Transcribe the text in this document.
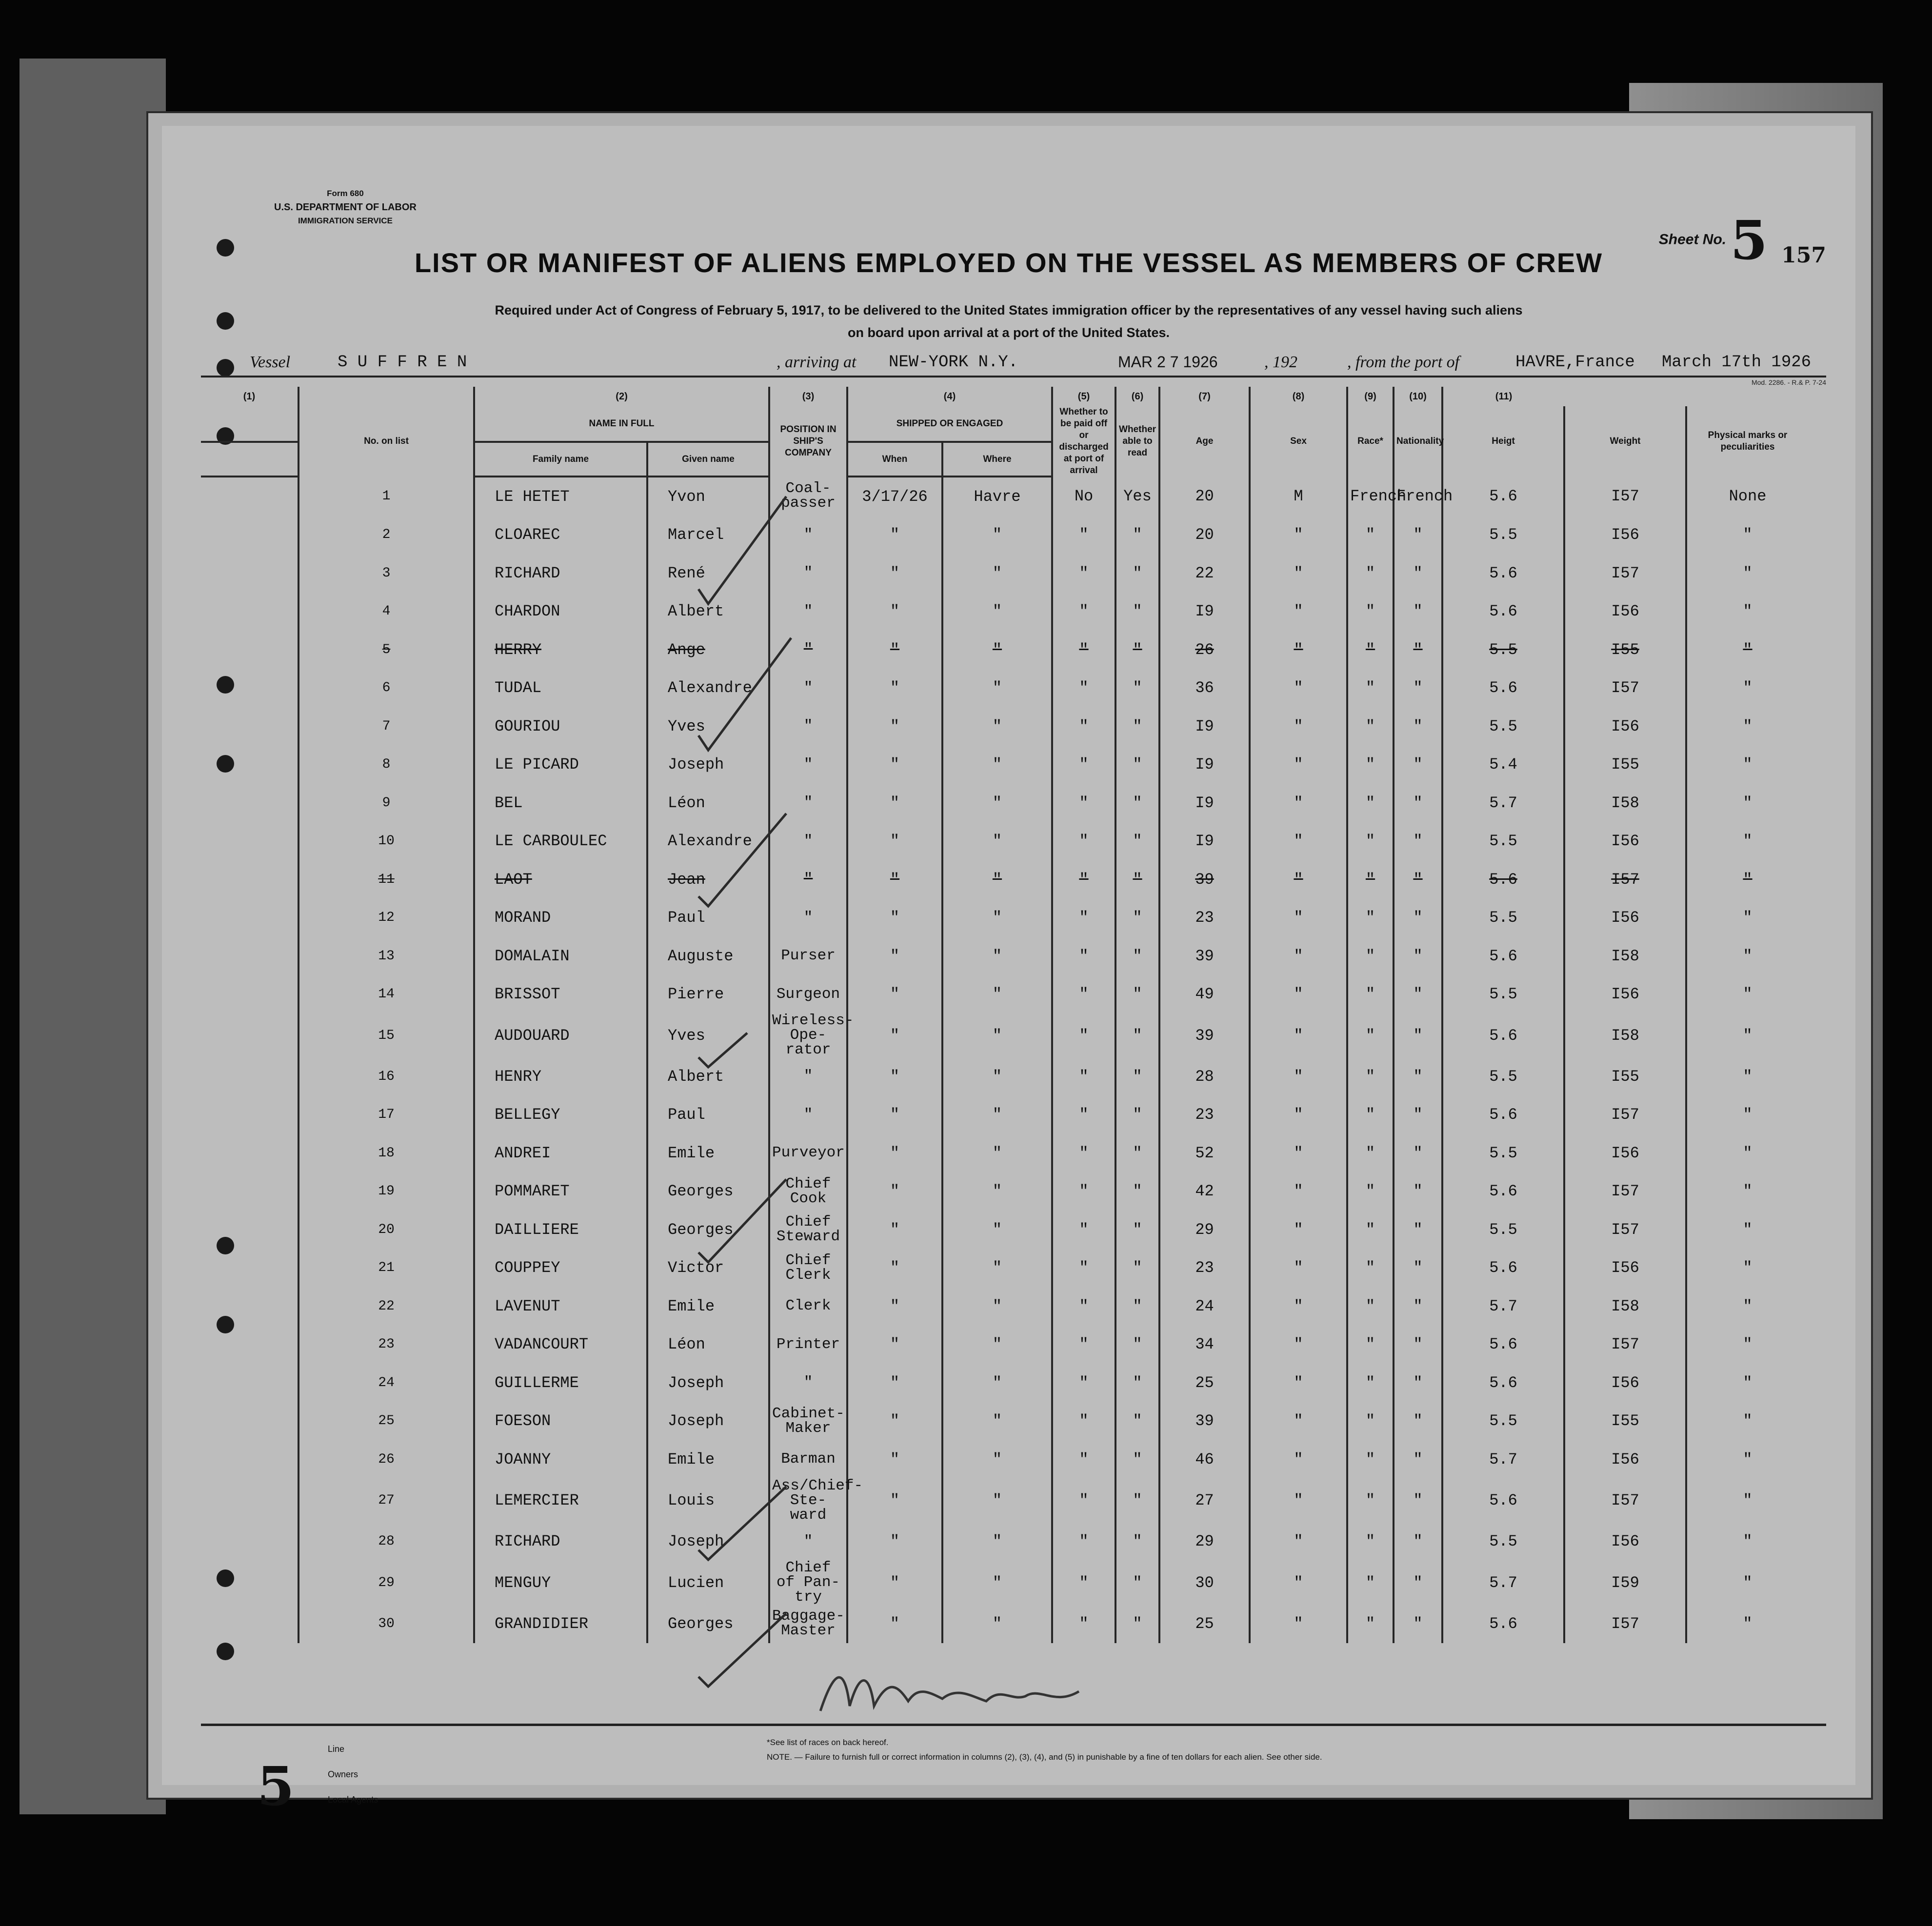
Form 680
U.S. DEPARTMENT OF LABOR
IMMIGRATION SERVICE
Sheet No. 5 157
LIST OR MANIFEST OF ALIENS EMPLOYED ON THE VESSEL AS MEMBERS OF CREW
Required under Act of Congress of February 5, 1917, to be delivered to the United States immigration officer by the representatives of any vessel having such aliens
on board upon arrival at a port of the United States.
Vessel	S U F F R E N	, arriving at NEW-YORK N.Y.	MAR 2 7 1926	, 192	, from the port of	HAVRE,France March 17th 1926
Mod. 2286. - R.& P. 7-24
(1)		(2)		(3)	(4)		(5)	(6)	(7)	(8)	(9)	(10)	(11)		
	No. on list	NAME IN FULL		POSITION IN SHIP'S COMPANY	SHIPPED OR ENGAGED		Whether to be paid off or discharged at port of arrival	Whether able to read	Age	Sex	Race*	Nationality	Heigt	Weight	Physical marks or peculiarities
		Family name	Given name		When	Where									
	1	LE HETET	Yvon	Coal-passer	3/17/26	Havre	No	Yes	20	M	French	French	5.6	I57	None
	2	CLOAREC	Marcel	"	"	"	"	"	20	"	"	"	5.5	I56	"
	3	RICHARD	René	"	"	"	"	"	22	"	"	"	5.6	I57	"
	4	CHARDON	Albert	"	"	"	"	"	I9	"	"	"	5.6	I56	"
	5	HERRY	Ange	"	"	"	"	"	26	"	"	"	5.5	I55	"
	6	TUDAL	Alexandre	"	"	"	"	"	36	"	"	"	5.6	I57	"
	7	GOURIOU	Yves	"	"	"	"	"	I9	"	"	"	5.5	I56	"
	8	LE PICARD	Joseph	"	"	"	"	"	I9	"	"	"	5.4	I55	"
	9	BEL	Léon	"	"	"	"	"	I9	"	"	"	5.7	I58	"
	10	LE CARBOULEC	Alexandre	"	"	"	"	"	I9	"	"	"	5.5	I56	"
	11	LAOT	Jean	"	"	"	"	"	39	"	"	"	5.6	I57	"
	12	MORAND	Paul	"	"	"	"	"	23	"	"	"	5.5	I56	"
	13	DOMALAIN	Auguste	Purser	"	"	"	"	39	"	"	"	5.6	I58	"
	14	BRISSOT	Pierre	Surgeon	"	"	"	"	49	"	"	"	5.5	I56	"
	15	AUDOUARD	Yves	Wireless-Ope-rator	"	"	"	"	39	"	"	"	5.6	I58	"
	16	HENRY	Albert	"	"	"	"	"	28	"	"	"	5.5	I55	"
	17	BELLEGY	Paul	"	"	"	"	"	23	"	"	"	5.6	I57	"
	18	ANDREI	Emile	Purveyor	"	"	"	"	52	"	"	"	5.5	I56	"
	19	POMMARET	Georges	Chief Cook	"	"	"	"	42	"	"	"	5.6	I57	"
	20	DAILLIERE	Georges	Chief Steward	"	"	"	"	29	"	"	"	5.5	I57	"
	21	COUPPEY	Victor	Chief Clerk	"	"	"	"	23	"	"	"	5.6	I56	"
	22	LAVENUT	Emile	Clerk	"	"	"	"	24	"	"	"	5.7	I58	"
	23	VADANCOURT	Léon	Printer	"	"	"	"	34	"	"	"	5.6	I57	"
	24	GUILLERME	Joseph	"	"	"	"	"	25	"	"	"	5.6	I56	"
	25	FOESON	Joseph	Cabinet-Maker	"	"	"	"	39	"	"	"	5.5	I55	"
	26	JOANNY	Emile	Barman	"	"	"	"	46	"	"	"	5.7	I56	"
	27	LEMERCIER	Louis	Ass/Chief-Ste-ward	"	"	"	"	27	"	"	"	5.6	I57	"
	28	RICHARD	Joseph	"	"	"	"	"	29	"	"	"	5.5	I56	"
	29	MENGUY	Lucien	Chief of Pan-try	"	"	"	"	30	"	"	"	5.7	I59	"
	30	GRANDIDIER	Georges	Baggage-Master	"	"	"	"	25	"	"	"	5.6	I57	"
Line
Owners
Local Agents
5
*See list of races on back hereof.
NOTE. — Failure to furnish full or correct information in columns (2), (3), (4), and (5) in punishable by a fine of ten dollars for each alien. See other side.
